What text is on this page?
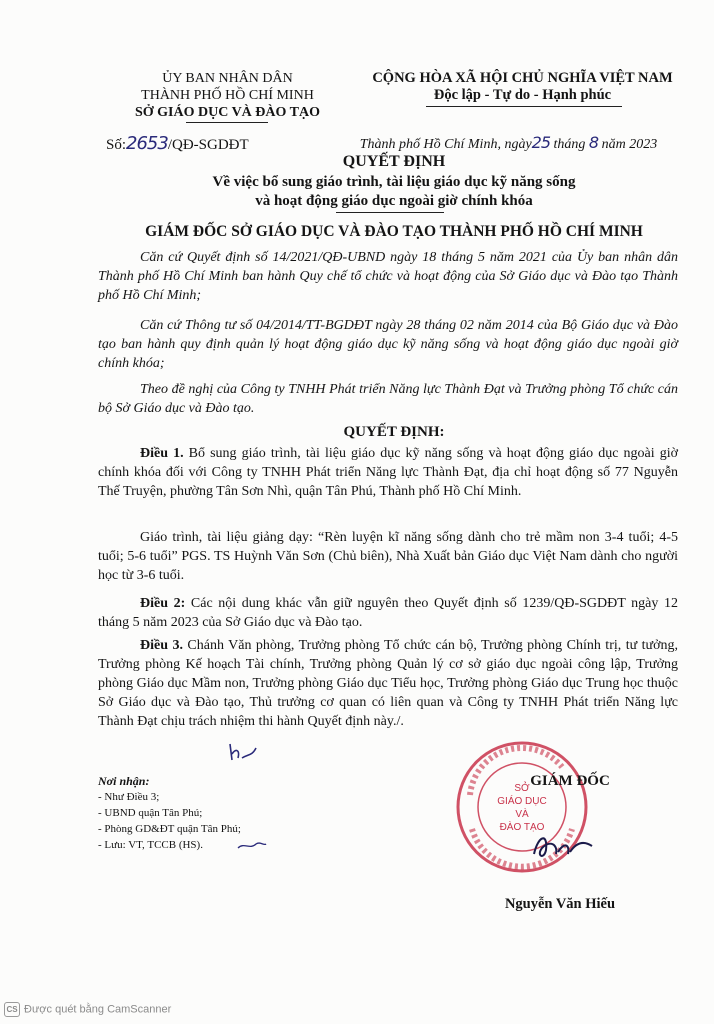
ỦY BAN NHÂN DÂN
THÀNH PHỐ HỒ CHÍ MINH
SỞ GIÁO DỤC VÀ ĐÀO TẠO
CỘNG HÒA XÃ HỘI CHỦ NGHĨA VIỆT NAM
Độc lập - Tự do - Hạnh phúc
Số:2653/QĐ-SGDĐT	Thành phố Hồ Chí Minh, ngày25 tháng 8 năm 2023
QUYẾT ĐỊNH
Về việc bổ sung giáo trình, tài liệu giáo dục kỹ năng sống
và hoạt động giáo dục ngoài giờ chính khóa
GIÁM ĐỐC SỞ GIÁO DỤC VÀ ĐÀO TẠO THÀNH PHỐ HỒ CHÍ MINH
Căn cứ Quyết định số 14/2021/QĐ-UBND ngày 18 tháng 5 năm 2021 của Ủy ban nhân dân Thành phố Hồ Chí Minh ban hành Quy chế tổ chức và hoạt động của Sở Giáo dục và Đào tạo Thành phố Hồ Chí Minh;
Căn cứ Thông tư số 04/2014/TT-BGDĐT ngày 28 tháng 02 năm 2014 của Bộ Giáo dục và Đào tạo ban hành quy định quản lý hoạt động giáo dục kỹ năng sống và hoạt động giáo dục ngoài giờ chính khóa;
Theo đề nghị của Công ty TNHH Phát triển Năng lực Thành Đạt và Trưởng phòng Tổ chức cán bộ Sở Giáo dục và Đào tạo.
QUYẾT ĐỊNH:
Điều 1. Bổ sung giáo trình, tài liệu giáo dục kỹ năng sống và hoạt động giáo dục ngoài giờ chính khóa đối với Công ty TNHH Phát triển Năng lực Thành Đạt, địa chỉ hoạt động số 77 Nguyễn Thế Truyện, phường Tân Sơn Nhì, quận Tân Phú, Thành phố Hồ Chí Minh.
Giáo trình, tài liệu giảng dạy: “Rèn luyện kĩ năng sống dành cho trẻ mầm non 3-4 tuổi; 4-5 tuổi; 5-6 tuổi” PGS. TS Huỳnh Văn Sơn (Chủ biên), Nhà Xuất bản Giáo dục Việt Nam dành cho người học từ 3-6 tuổi.
Điều 2: Các nội dung khác vẫn giữ nguyên theo Quyết định số 1239/QĐ-SGDĐT ngày 12 tháng 5 năm 2023 của Sở Giáo dục và Đào tạo.
Điều 3. Chánh Văn phòng, Trưởng phòng Tổ chức cán bộ, Trưởng phòng Chính trị, tư tưởng, Trưởng phòng Kế hoạch Tài chính, Trưởng phòng Quản lý cơ sở giáo dục ngoài công lập, Trưởng phòng Giáo dục Mầm non, Trưởng phòng Giáo dục Tiểu học, Trưởng phòng Giáo dục Trung học thuộc Sở Giáo dục và Đào tạo, Thủ trưởng cơ quan có liên quan và Công ty TNHH Phát triển Năng lực Thành Đạt chịu trách nhiệm thi hành Quyết định này./.
Nơi nhận:
- Như Điều 3;
- UBND quận Tân Phú;
- Phòng GD&ĐT quận Tân Phú;
- Lưu: VT, TCCB (HS).
SỞ
GIÁO DỤC
VÀ
ĐÀO TẠO
GIÁM ĐỐC
Nguyễn Văn Hiếu
CS Được quét bằng CamScanner
